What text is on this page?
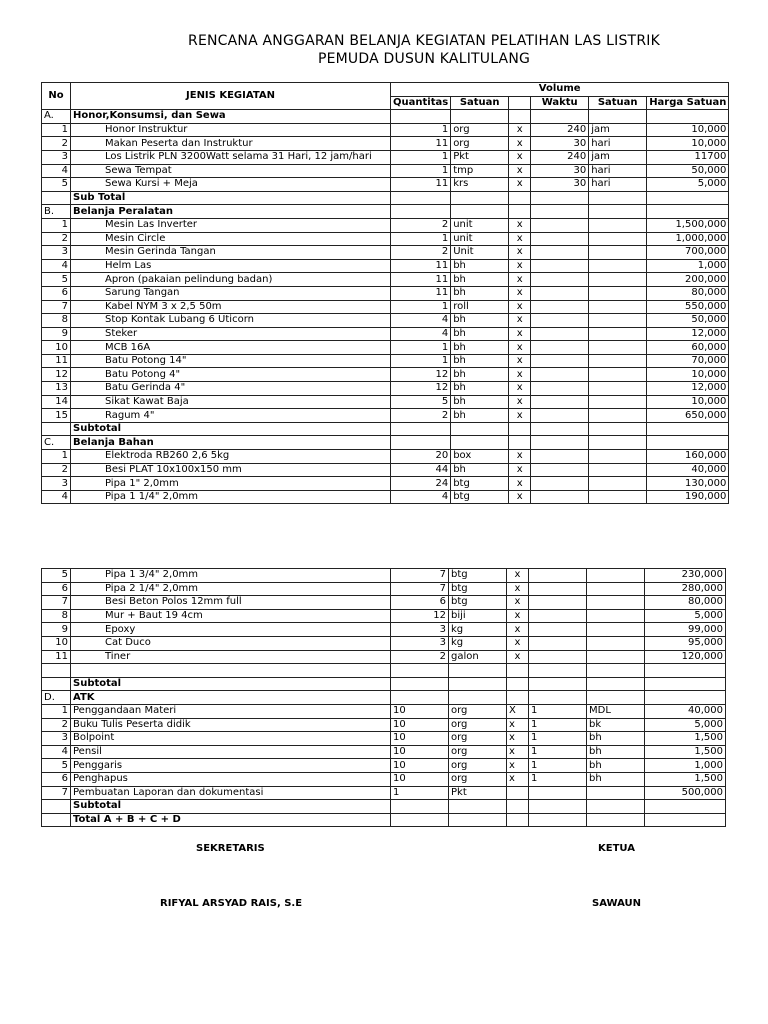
RENCANA ANGGARAN BELANJA KEGIATAN PELATIHAN LAS LISTRIK
PEMUDA DUSUN KALITULANG
No	JENIS KEGIATAN	Volume					
		Quantitas	Satuan		Waktu	Satuan	Harga Satuan
A.	Honor,Konsumsi, dan Sewa						
1	Honor Instruktur	1	org	x	240	jam	10,000
2	Makan Peserta dan Instruktur	11	org	x	30	hari	10,000
3	Los Listrik PLN 3200Watt selama 31 Hari, 12 jam/hari	1	Pkt	x	240	jam	11700
4	Sewa Tempat	1	tmp	x	30	hari	50,000
5	Sewa Kursi + Meja	11	krs	x	30	hari	5,000
	Sub Total						
B.	Belanja Peralatan						
1	Mesin Las Inverter	2	unit	x			1,500,000
2	Mesin Circle	1	unit	x			1,000,000
3	Mesin Gerinda Tangan	2	Unit	x			700,000
4	Helm Las	11	bh	x			1,000
5	Apron (pakaian pelindung badan)	11	bh	x			200,000
6	Sarung Tangan	11	bh	x			80,000
7	Kabel NYM 3 x 2,5 50m	1	roll	x			550,000
8	Stop Kontak Lubang 6 Uticorn	4	bh	x			50,000
9	Steker	4	bh	x			12,000
10	MCB 16A	1	bh	x			60,000
11	Batu Potong 14"	1	bh	x			70,000
12	Batu Potong 4"	12	bh	x			10,000
13	Batu Gerinda 4"	12	bh	x			12,000
14	Sikat Kawat Baja	5	bh	x			10,000
15	Ragum 4"	2	bh	x			650,000
	Subtotal						
C.	Belanja Bahan						
1	Elektroda RB260 2,6 5kg	20	box	x			160,000
2	Besi PLAT 10x100x150 mm	44	bh	x			40,000
3	Pipa 1" 2,0mm	24	btg	x			130,000
4	Pipa 1 1/4" 2,0mm	4	btg	x			190,000
5	Pipa 1 3/4" 2,0mm	7	btg	x			230,000
6	Pipa 2 1/4" 2,0mm	7	btg	x			280,000
7	Besi Beton Polos 12mm full	6	btg	x			80,000
8	Mur + Baut 19 4cm	12	biji	x			5,000
9	Epoxy	3	kg	x			99,000
10	Cat Duco	3	kg	x			95,000
11	Tiner	2	galon	x			120,000

	Subtotal						
D.	ATK						
1	Penggandaan Materi	10	org	X	1	MDL	40,000
2	Buku Tulis Peserta didik	10	org	x	1	bk	5,000
3	Bolpoint	10	org	x	1	bh	1,500
4	Pensil	10	org	x	1	bh	1,500
5	Penggaris	10	org	x	1	bh	1,000
6	Penghapus	10	org	x	1	bh	1,500
7	Pembuatan Laporan dan dokumentasi	1	Pkt				500,000
	Subtotal						
	Total A + B + C + D						
SEKRETARIS	KETUA
RIFYAL ARSYAD RAIS, S.E	SAWAUN
